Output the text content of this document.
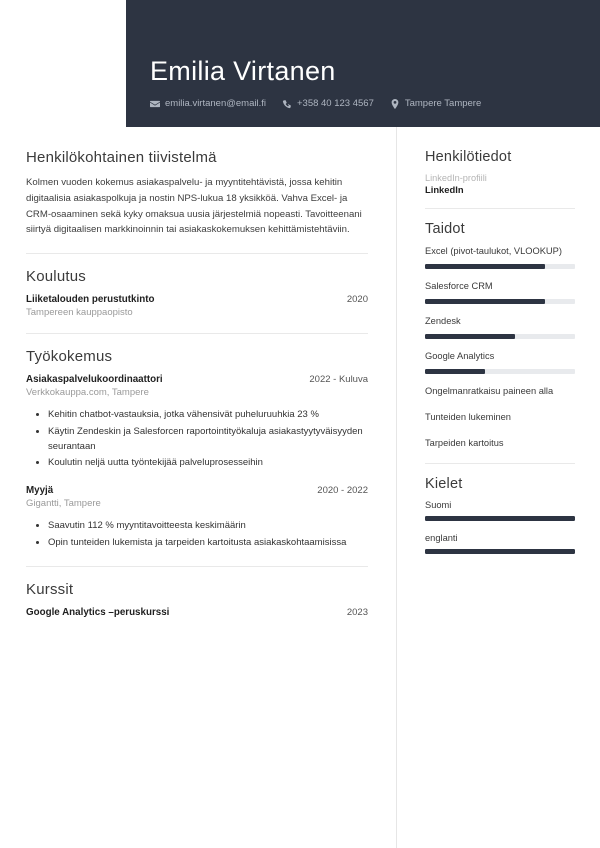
Emilia Virtanen
emilia.virtanen@email.fi	+358 40 123 4567	Tampere Tampere
Henkilökohtainen tiivistelmä

Kolmen vuoden kokemus asiakaspalvelu- ja myyntitehtävistä, jossa kehitin digitaalisia asiakaspolkuja ja nostin NPS-lukua 18 yksikköä. Vahva Excel- ja CRM-osaaminen sekä kyky omaksua uusia järjestelmiä nopeasti. Tavoitteenani siirtyä digitaalisen markkinoinnin tai asiakaskokemuksen kehittämistehtäviin.

Koulutus
Liiketalouden perustutkinto	2020
Tampereen kauppaopisto
Työkokemus
Asiakaspalvelukoordinaattori	2022 - Kuluva
Verkkokauppa.com, Tampere
• Kehitin chatbot-vastauksia, jotka vähensivät puheluruuhkia 23 %
• Käytin Zendeskin ja Salesforcen raportointityökaluja asiakastyytyväisyyden seurantaan
• Koulutin neljä uutta työntekijää palveluprosesseihin
Myyjä	2020 - 2022
Gigantti, Tampere
• Saavutin 112 % myyntitavoitteesta keskimäärin
• Opin tunteiden lukemista ja tarpeiden kartoitusta asiakaskohtaamisissa
Kurssit
Google Analytics –peruskurssi	2023
Henkilötiedot
LinkedIn-profiili
LinkedIn
Taidot
Excel (pivot-taulukot, VLOOKUP)
Salesforce CRM
Zendesk
Google Analytics
Ongelmanratkaisu paineen alla
Tunteiden lukeminen
Tarpeiden kartoitus
Kielet
Suomi
englanti
